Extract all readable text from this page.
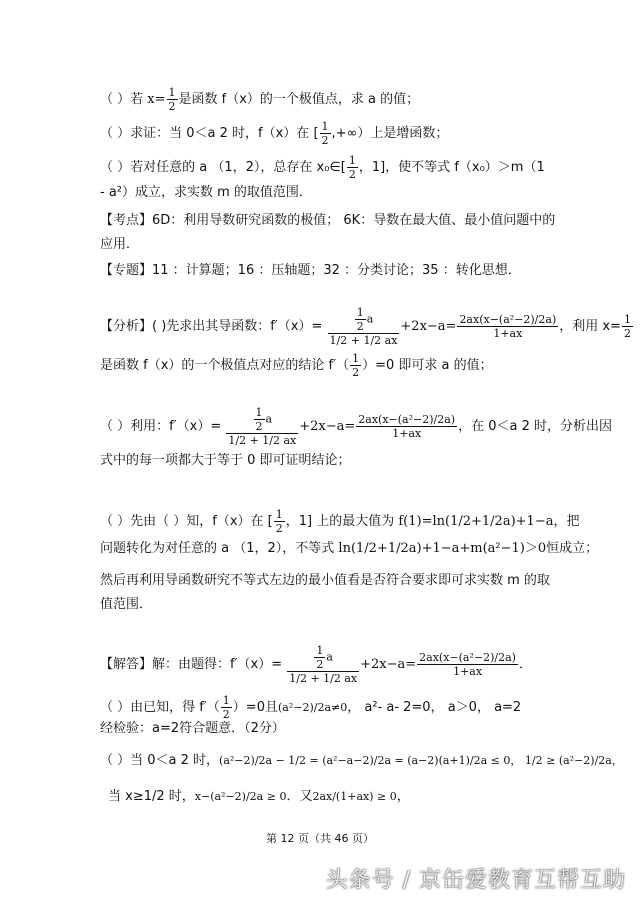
（ ）若 $x= \frac{1}{2}$ 是函数 f（x）的一个极值点，求 a 的值；
（ ）求证：当 0＜a 2 时，f（x）在 [ $\frac{1}{2}$ ,+∞）上是增函数；
（ ）若对任意的 a （1，2），总存在 x₀∈[ $\frac{1}{2}$ ，1]，使不等式 f（x₀）＞m（1
- a²）成立，求实数 m 的取值范围．
【考点】6D：利用导数研究函数的极值； 6K：导数在最大值、最小值问题中的
应用．
【专题】11 ：计算题；16 ：压轴题；32 ：分类讨论；35 ：转化思想．
【分析】( )先求出其导函数：$f'(x)= \frac{\frac{1}{2} a}{1/2 + 1/2 ax} +2x-a= \frac{\text{2ax(x−(a²−2)/2a)}}{1+ax}$ ，利用 $x= \frac{1}{2}$
是函数 f（x）的一个极值点对应的结论 $f'( \frac{1}{2} )=0$ 即可求 a 的值；
（ ）利用：$f'(x)= \frac{\frac{1}{2} a}{1/2 + 1/2 ax} +2x-a= \frac{\text{2ax(x−(a²−2)/2a)}}{1+ax}$ ，在 0＜a 2 时，分析出因
式中的每一项都大于等于 0 即可证明结论；
（ ）先由（ ）知，f（x）在 [ $\frac{1}{2}$ ，1] 上的最大值为 f(1)=ln(1/2+1/2a)+1−a，把
问题转化为对任意的 a （1，2），不等式 ln(1/2+1/2a)+1−a+m(a²−1)＞0恒成立；
然后再利用导函数研究不等式左边的最小值看是否符合要求即可求实数 m 的取
值范围．
【解答】解：由题得：$f'(x)= \frac{\frac{1}{2} a}{1/2 + 1/2 ax} +2x-a= \frac{\text{2ax(x−(a²−2)/2a)}}{1+ax}$ ．
（ ）由已知，得 $f'( \frac{1}{2} )=0$且(a²−2)/2a≠0， a²- a- 2=0， a＞0， a=2
经检验：a=2符合题意．（2分）
（ ）当 0＜a 2 时，(a²−2)/2a − 1/2 = (a²−a−2)/2a = (a−2)(a+1)/2a ≤ 0， 1/2 ≥ (a²−2)/2a，
当 x≥1/2 时，x−(a²−2)/2a ≥ 0．又2ax/(1+ax) ≥ 0，
第 12 页（共 46 页）
头条号 / 京缶爱教育互帮互助
